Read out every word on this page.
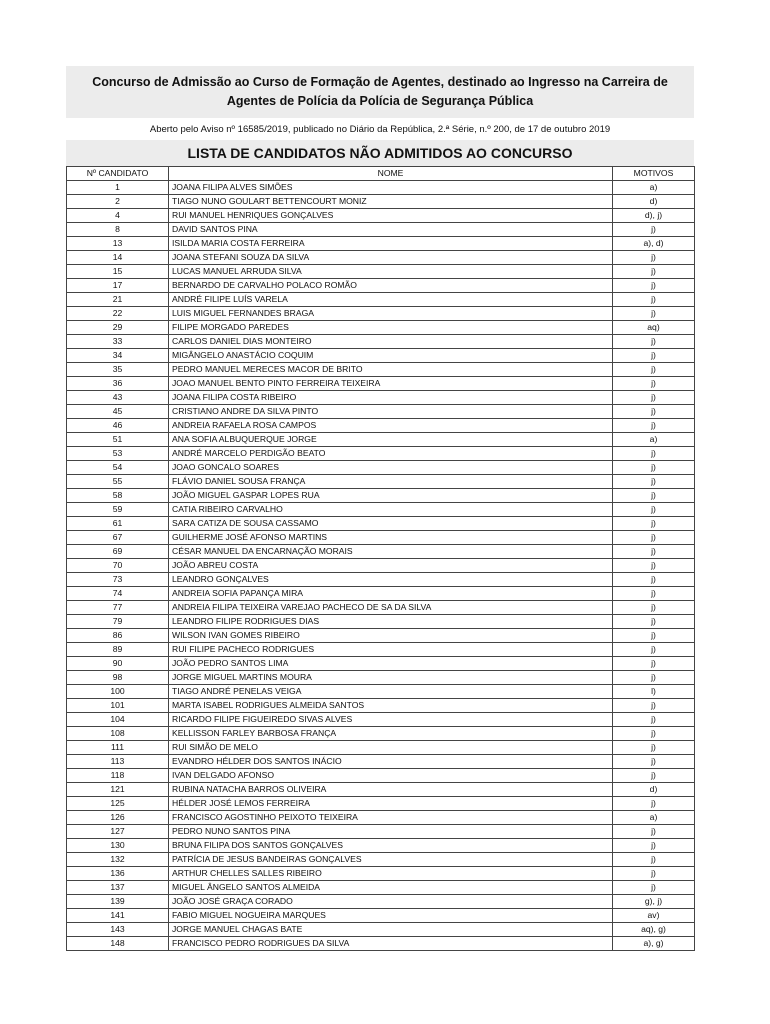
Concurso de Admissão ao Curso de Formação de Agentes, destinado ao Ingresso na Carreira de
Agentes de Polícia da Polícia de Segurança Pública
Aberto pelo Aviso nº 16585/2019, publicado no Diário da República, 2.ª Série, n.º 200, de 17 de outubro 2019
LISTA DE CANDIDATOS NÃO ADMITIDOS AO CONCURSO
Nº CANDIDATO	NOME	MOTIVOS
1	JOANA FILIPA ALVES SIMÕES	a)
2	TIAGO NUNO GOULART BETTENCOURT MONIZ	d)
4	RUI MANUEL HENRIQUES GONÇALVES	d), j)
8	DAVID SANTOS PINA	j)
13	ISILDA MARIA COSTA FERREIRA	a), d)
14	JOANA STEFANI SOUZA DA SILVA	j)
15	LUCAS MANUEL ARRUDA SILVA	j)
17	BERNARDO DE CARVALHO POLACO ROMÃO	j)
21	ANDRÉ FILIPE LUÍS VARELA	j)
22	LUIS MIGUEL FERNANDES BRAGA	j)
29	FILIPE MORGADO PAREDES	aq)
33	CARLOS DANIEL DIAS MONTEIRO	j)
34	MIGÂNGELO ANASTÁCIO COQUIM	j)
35	PEDRO MANUEL MERECES MACOR DE BRITO	j)
36	JOAO MANUEL BENTO PINTO FERREIRA TEIXEIRA	j)
43	JOANA FILIPA COSTA RIBEIRO	j)
45	CRISTIANO ANDRE DA SILVA PINTO	j)
46	ANDREIA RAFAELA ROSA CAMPOS	j)
51	ANA SOFIA ALBUQUERQUE JORGE	a)
53	ANDRÉ MARCELO PERDIGÃO BEATO	j)
54	JOAO GONCALO SOARES	j)
55	FLÁVIO DANIEL SOUSA FRANÇA	j)
58	JOÃO MIGUEL GASPAR LOPES RUA	j)
59	CATIA RIBEIRO CARVALHO	j)
61	SARA CATIZA DE SOUSA CASSAMO	j)
67	GUILHERME JOSÉ AFONSO MARTINS	j)
69	CÉSAR MANUEL DA ENCARNAÇÃO MORAIS	j)
70	JOÃO ABREU COSTA	j)
73	LEANDRO GONÇALVES	j)
74	ANDREIA SOFIA PAPANÇA MIRA	j)
77	ANDREIA FILIPA TEIXEIRA VAREJAO PACHECO DE SA DA SILVA	j)
79	LEANDRO FILIPE RODRIGUES DIAS	j)
86	WILSON IVAN GOMES RIBEIRO	j)
89	RUI FILIPE PACHECO RODRIGUES	j)
90	JOÃO PEDRO SANTOS LIMA	j)
98	JORGE MIGUEL MARTINS MOURA	j)
100	TIAGO ANDRÉ PENELAS VEIGA	l)
101	MARTA ISABEL RODRIGUES ALMEIDA SANTOS	j)
104	RICARDO FILIPE FIGUEIREDO SIVAS ALVES	j)
108	KELLISSON FARLEY BARBOSA FRANÇA	j)
111	RUI SIMÃO DE MELO	j)
113	EVANDRO HÉLDER DOS SANTOS INÁCIO	j)
118	IVAN DELGADO AFONSO	j)
121	RUBINA NATACHA BARROS OLIVEIRA	d)
125	HÉLDER JOSÉ LEMOS FERREIRA	j)
126	FRANCISCO AGOSTINHO PEIXOTO TEIXEIRA	a)
127	PEDRO NUNO SANTOS PINA	j)
130	BRUNA FILIPA DOS SANTOS GONÇALVES	j)
132	PATRÍCIA DE JESUS BANDEIRAS GONÇALVES	j)
136	ARTHUR CHELLES SALLES RIBEIRO	j)
137	MIGUEL ÂNGELO SANTOS ALMEIDA	j)
139	JOÃO JOSÉ GRAÇA CORADO	g), j)
141	FABIO MIGUEL NOGUEIRA MARQUES	av)
143	JORGE MANUEL CHAGAS BATE	aq), g)
148	FRANCISCO PEDRO RODRIGUES DA SILVA	a), g)
